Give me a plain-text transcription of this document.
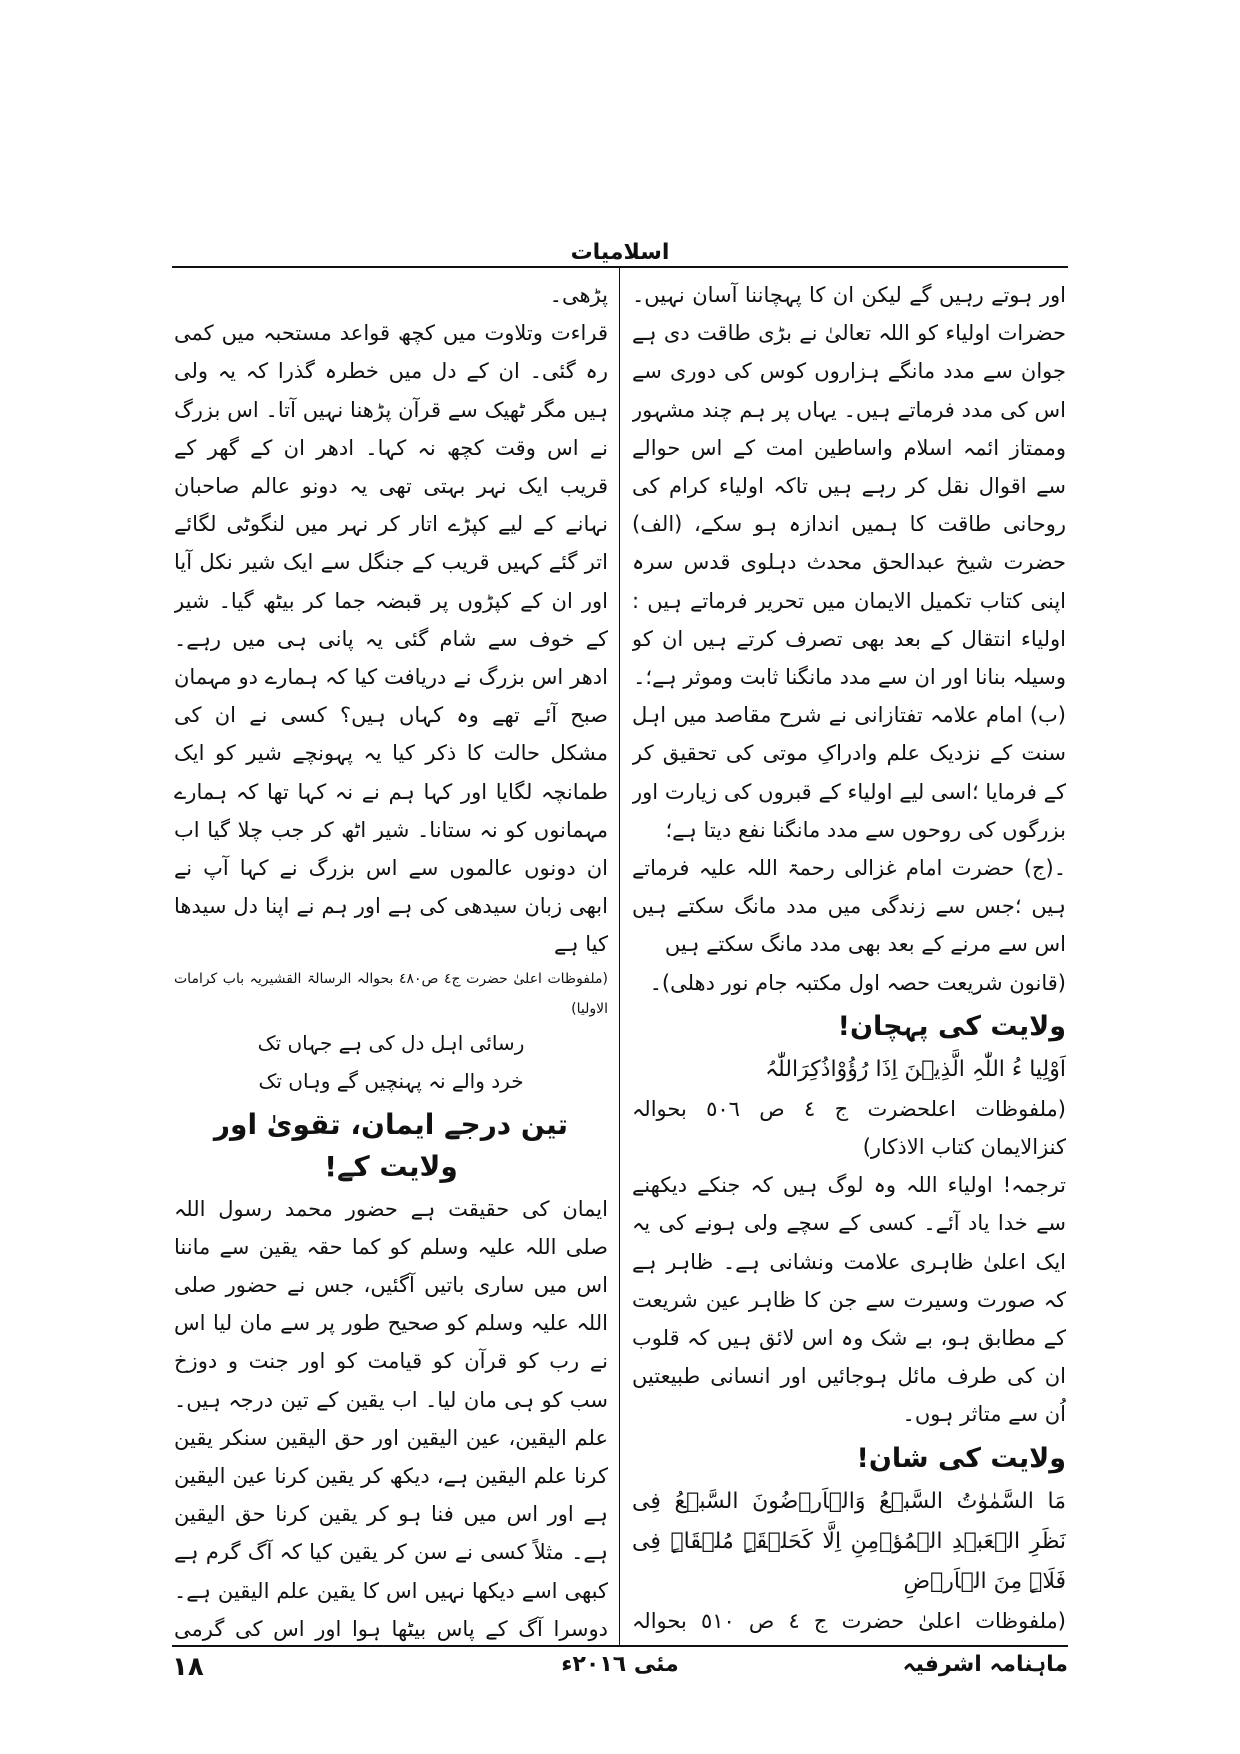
اسلامیات

اور ہوتے رہیں گے لیکن ان کا پہچاننا آسان نہیں۔ حضرات اولیاء کو اللہ تعالیٰ نے بڑی طاقت دی ہے جوان سے مدد مانگے ہزاروں کوس کی دوری سے اس کی مدد فرماتے ہیں۔ یہاں پر ہم چند مشہور وممتاز ائمہ اسلام واساطین امت کے اس حوالے سے اقوال نقل کر رہے ہیں تاکہ اولیاء کرام کی روحانی طاقت کا ہمیں اندازہ ہو سکے، (الف) حضرت شیخ عبدالحق محدث دہلوی قدس سرہ اپنی کتاب تکمیل الایمان میں تحریر فرماتے ہیں : اولیاء انتقال کے بعد بھی تصرف کرتے ہیں ان کو وسیلہ بنانا اور ان سے مدد مانگنا ثابت وموثر ہے؛۔

(ب) امام علامہ تفتازانی نے شرح مقاصد میں اہل سنت کے نزدیک علم وادراکِ موتی کی تحقیق کر کے فرمایا ؛اسی لیے اولیاء کے قبروں کی زیارت اور بزرگوں کی روحوں سے مدد مانگنا نفع دیتا ہے؛

۔(ج) حضرت امام غزالی رحمۃ اللہ علیہ فرماتے ہیں ؛جس سے زندگی میں مدد مانگ سکتے ہیں اس سے مرنے کے بعد بھی مدد مانگ سکتے ہیں

(قانون شریعت حصہ اول مکتبہ جام نور دھلی)۔

ولایت کی پہچان!

اَوْلِیا ءُ اللّٰہِ الَّذِیۡنَ اِذَا رُؤُوْاذُکِرَاللّٰہُ

(ملفوظات اعلحضرت ج ٤ ص ٥٠٦ بحوالہ کنزالایمان کتاب الاذکار)

ترجمہ! اولیاء اللہ وہ لوگ ہیں کہ جنکے دیکھنے سے خدا یاد آئے۔ کسی کے سچے ولی ہونے کی یہ ایک اعلیٰ ظاہری علامت ونشانی ہے۔ ظاہر ہے کہ صورت وسیرت سے جن کا ظاہر عین شریعت کے مطابق ہو، بے شک وہ اس لائق ہیں کہ قلوب ان کی طرف مائل ہوجائیں اور انسانی طبیعتیں اُن سے متاثر ہوں۔

ولایت کی شان!

مَا السَّمٰوٰتُ السَّبۡعُ وَالۡاَرۡضُونَ السَّبۡعُ فِی نَظَرِ الۡعَبۡدِ الۡمُؤۡمِنِ اِلَّا کَحَلۡقَۃٍ مُلۡقَاۃٍ فِی فَلَاۃٍ مِنَ الۡاَرۡضِ

(ملفوظات اعلیٰ حضرت ج ٤ ص ٥١٠ بحوالہ

پڑھی۔

قراءت وتلاوت میں کچھ قواعد مستحبہ میں کمی رہ گئی۔ ان کے دل میں خطرہ گذرا کہ یہ ولی ہیں مگر ٹھیک سے قرآن پڑھنا نہیں آتا۔ اس بزرگ نے اس وقت کچھ نہ کہا۔ ادھر ان کے گھر کے قریب ایک نہر بہتی تھی یہ دونو عالم صاحبان نہانے کے لیے کپڑے اتار کر نہر میں لنگوٹی لگائے اتر گئے کہیں قریب کے جنگل سے ایک شیر نکل آیا اور ان کے کپڑوں پر قبضہ جما کر بیٹھ گیا۔ شیر کے خوف سے شام گئی یہ پانی ہی میں رہے۔ ادھر اس بزرگ نے دریافت کیا کہ ہمارے دو مہمان صبح آئے تھے وہ کہاں ہیں؟ کسی نے ان کی مشکل حالت کا ذکر کیا یہ پہونچے شیر کو ایک طمانچہ لگایا اور کہا ہم نے نہ کہا تھا کہ ہمارے مہمانوں کو نہ ستانا۔ شیر اٹھ کر جب چلا گیا اب ان دونوں عالموں سے اس بزرگ نے کہا آپ نے ابھی زبان سیدھی کی ہے اور ہم نے اپنا دل سیدھا کیا ہے

(ملفوظات اعلیٰ حضرت ج٤ ص٤٨٠ بحوالہ الرسالۃ القشیریہ باب کرامات الاولیا)

رسائی اہل دل کی ہے جہاں تک

خرد والے نہ پہنچیں گے وہاں تک

تین درجے ایمان، تقویٰ اور ولایت کے!

ایمان کی حقیقت ہے حضور محمد رسول اللہ صلی اللہ علیہ وسلم کو کما حقہ یقین سے ماننا اس میں ساری باتیں آگئیں، جس نے حضور صلی اللہ علیہ وسلم کو صحیح طور پر سے مان لیا اس نے رب کو قرآن کو قیامت کو اور جنت و دوزخ سب کو ہی مان لیا۔ اب یقین کے تین درجہ ہیں۔ علم الیقین، عین الیقین اور حق الیقین سنکر یقین کرنا علم الیقین ہے، دیکھ کر یقین کرنا عین الیقین ہے اور اس میں فنا ہو کر یقین کرنا حق الیقین ہے۔ مثلاً کسی نے سن کر یقین کیا کہ آگ گرم ہے کبھی اسے دیکھا نہیں اس کا یقین علم الیقین ہے۔ دوسرا آگ کے پاس بیٹھا ہوا اور اس کی گرمی

ماہنامہ اشرفیہ
مئی ٢٠١٦ء
١٨
